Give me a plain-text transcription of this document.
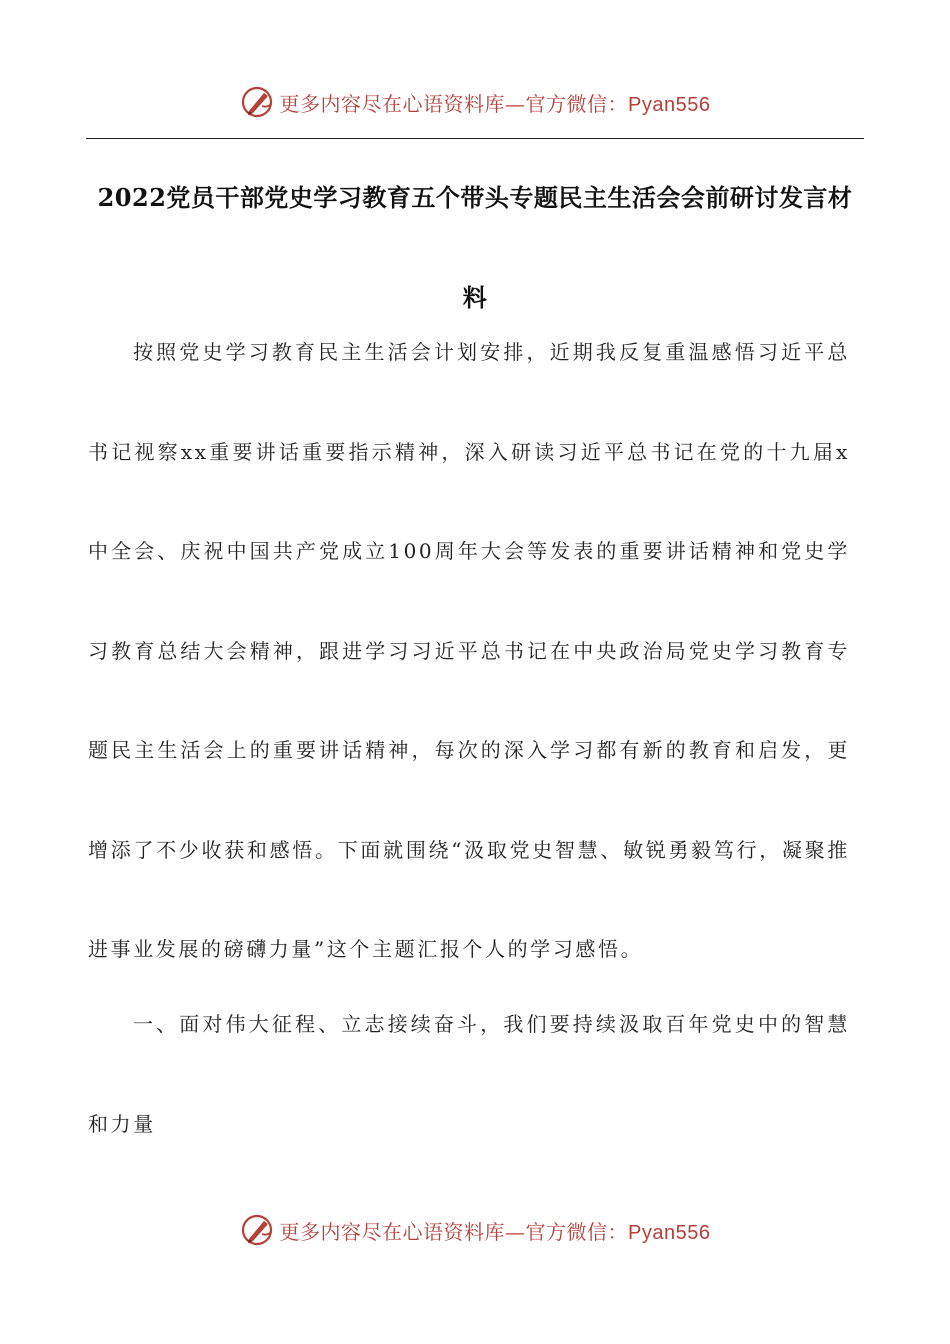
更多内容尽在心语资料库—官方微信：Pyan556
2022党员干部党史学习教育五个带头专题民主生活会会前研讨发言材料

按照党史学习教育民主生活会计划安排，近期我反复重温感悟习近平总书记视察xx重要讲话重要指示精神，深入研读习近平总书记在党的十九届x中全会、庆祝中国共产党成立100周年大会等发表的重要讲话精神和党史学习教育总结大会精神，跟进学习习近平总书记在中央政治局党史学习教育专题民主生活会上的重要讲话精神，每次的深入学习都有新的教育和启发，更增添了不少收获和感悟。下面就围绕“汲取党史智慧、敏锐勇毅笃行，凝聚推进事业发展的磅礴力量”这个主题汇报个人的学习感悟。

一、面对伟大征程、立志接续奋斗，我们要持续汲取百年党史中的智慧和力量

更多内容尽在心语资料库—官方微信：Pyan556
